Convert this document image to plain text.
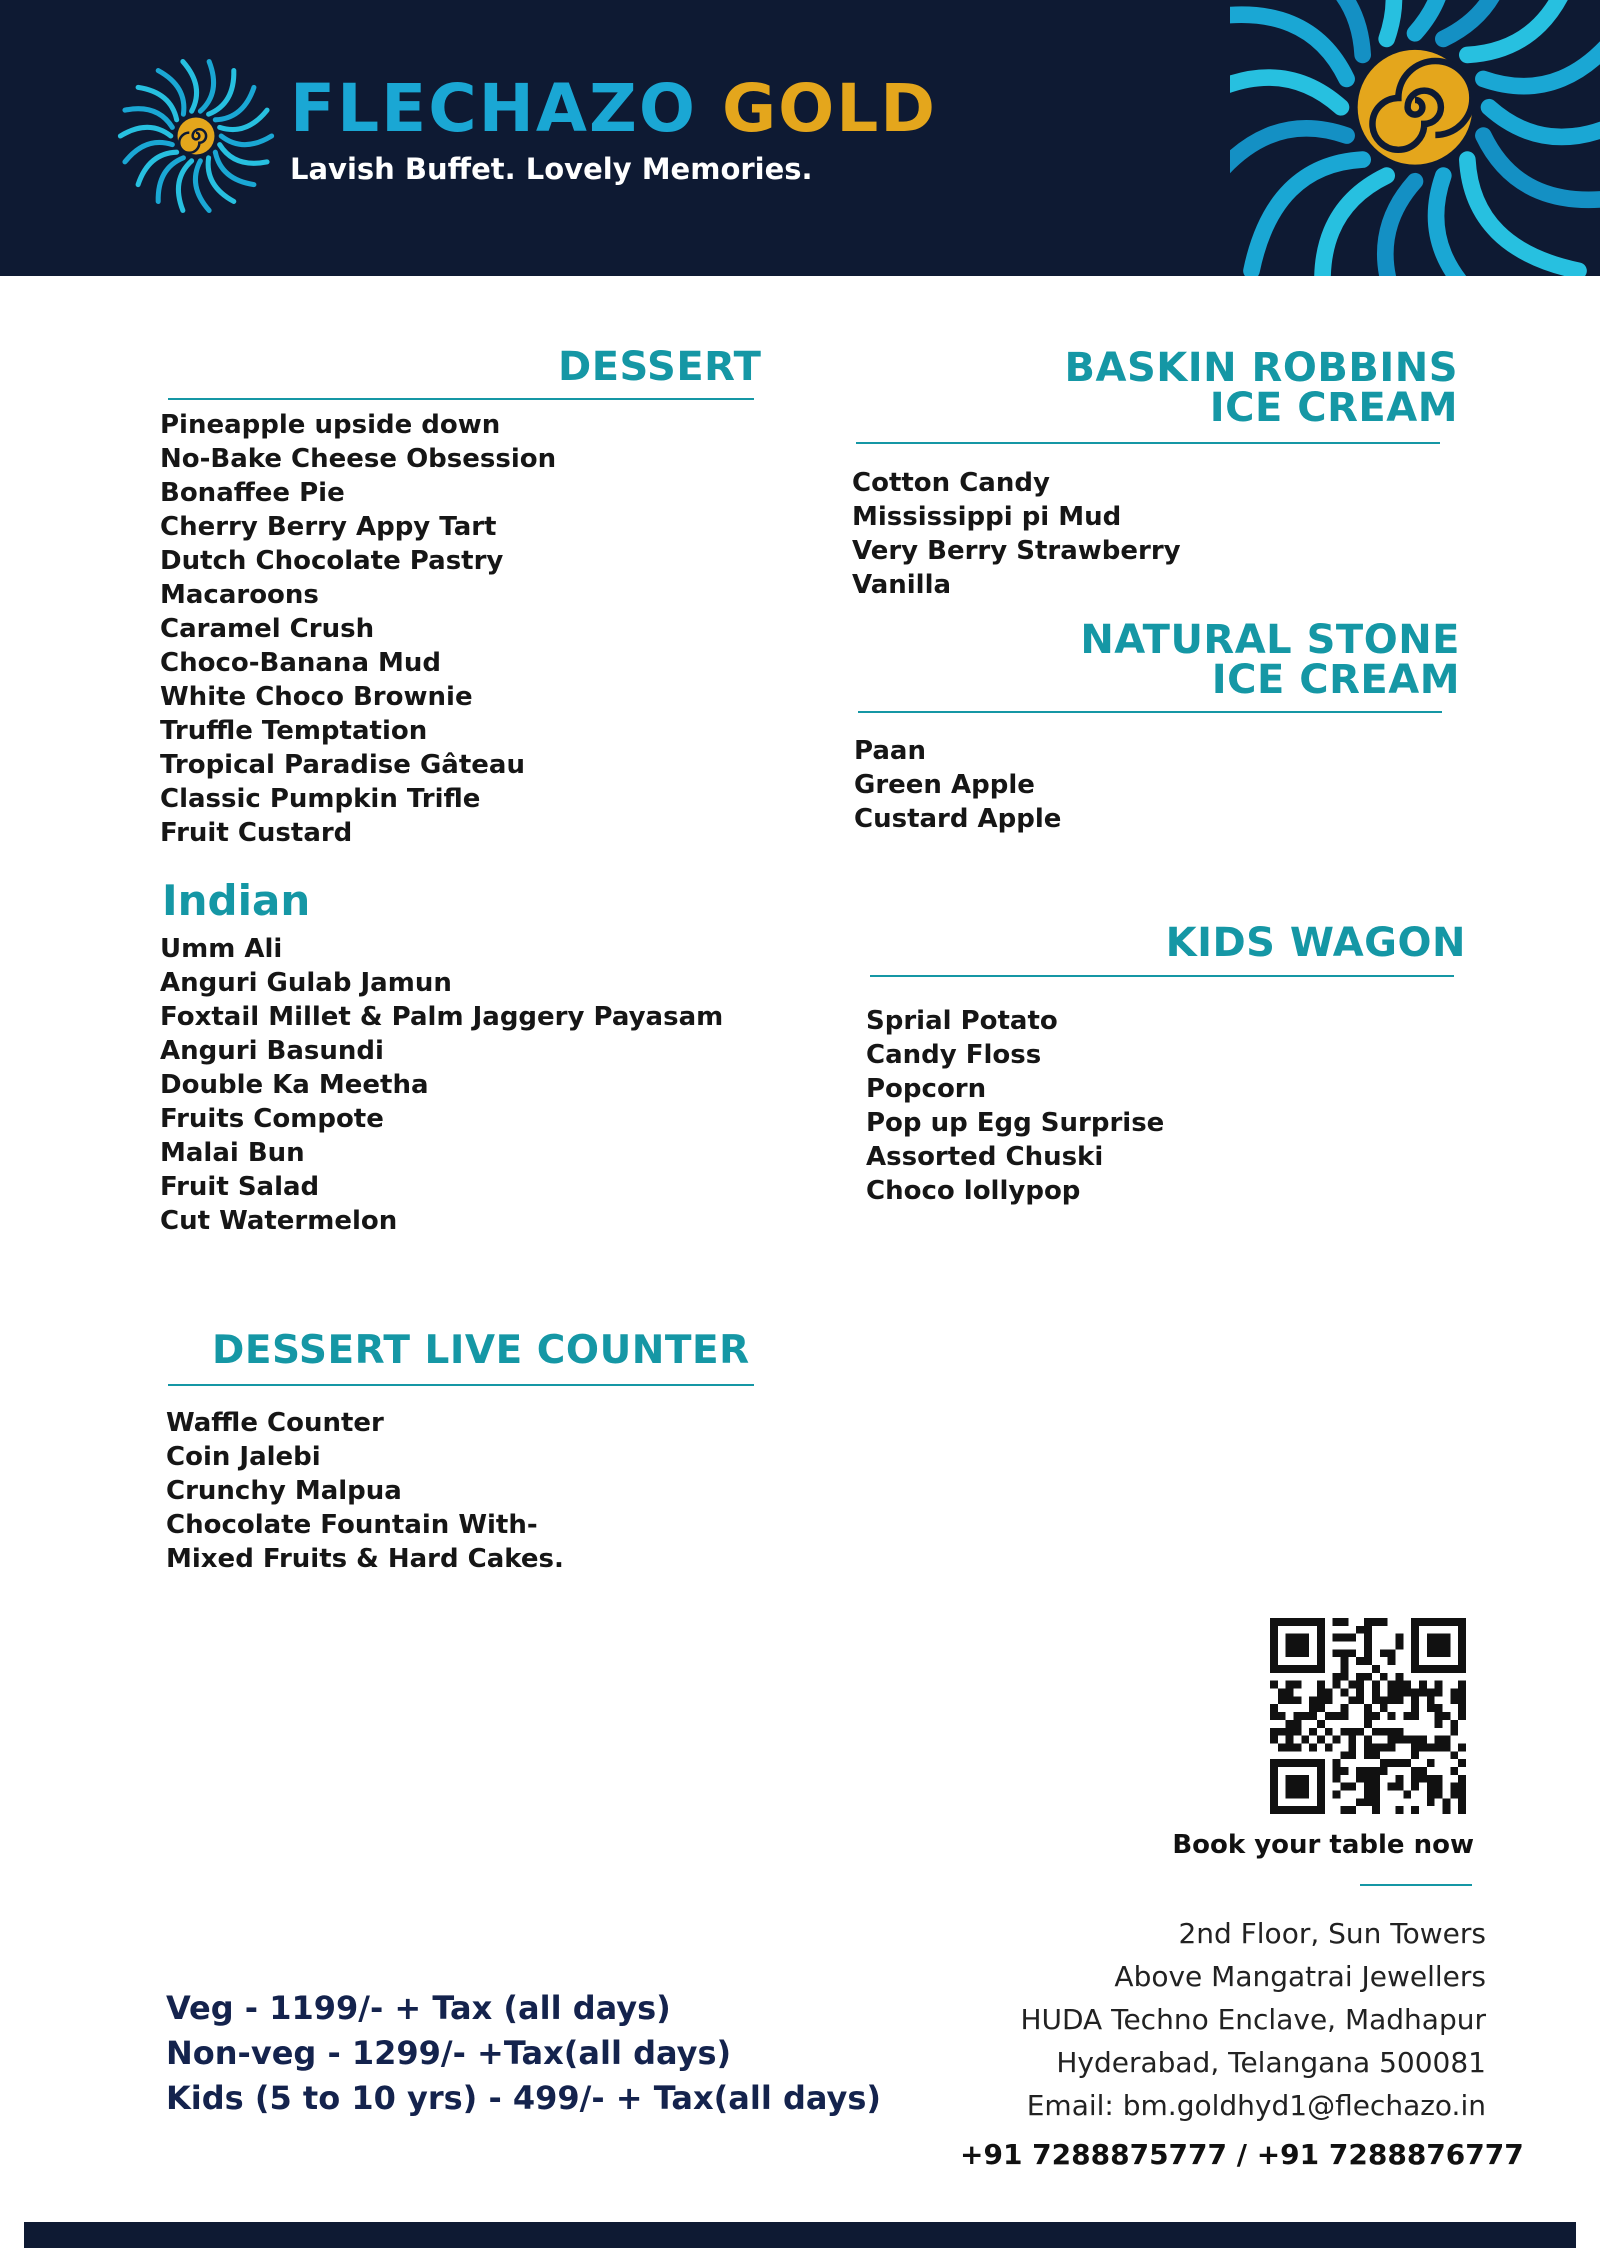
FLECHAZO GOLD
Lavish Buffet. Lovely Memories.
DESSERT
Pineapple upside down
No-Bake Cheese Obsession
Bonaffee Pie
Cherry Berry Appy Tart
Dutch Chocolate Pastry
Macaroons
Caramel Crush
Choco-Banana Mud
White Choco Brownie
Truffle Temptation
Tropical Paradise Gâteau
Classic Pumpkin Trifle
Fruit Custard
Indian
Umm Ali
Anguri Gulab Jamun
Foxtail Millet & Palm Jaggery Payasam
Anguri Basundi
Double Ka Meetha
Fruits Compote
Malai Bun
Fruit Salad
Cut Watermelon
DESSERT LIVE COUNTER
Waffle Counter
Coin Jalebi
Crunchy Malpua
Chocolate Fountain With-
Mixed Fruits & Hard Cakes.
BASKIN ROBBINS
ICE CREAM
Cotton Candy
Mississippi pi Mud
Very Berry Strawberry
Vanilla
NATURAL STONE
ICE CREAM
Paan
Green Apple
Custard Apple
KIDS WAGON
Sprial Potato
Candy Floss
Popcorn
Pop up Egg Surprise
Assorted Chuski
Choco lollypop
Book your table now
2nd Floor, Sun Towers
Above Mangatrai Jewellers
HUDA Techno Enclave, Madhapur
Hyderabad, Telangana 500081
Email: bm.goldhyd1@flechazo.in
+91 7288875777 / +91 7288876777
Veg - 1199/- + Tax (all days)
Non-veg - 1299/- +Tax(all days)
Kids (5 to 10 yrs) - 499/- + Tax(all days)
